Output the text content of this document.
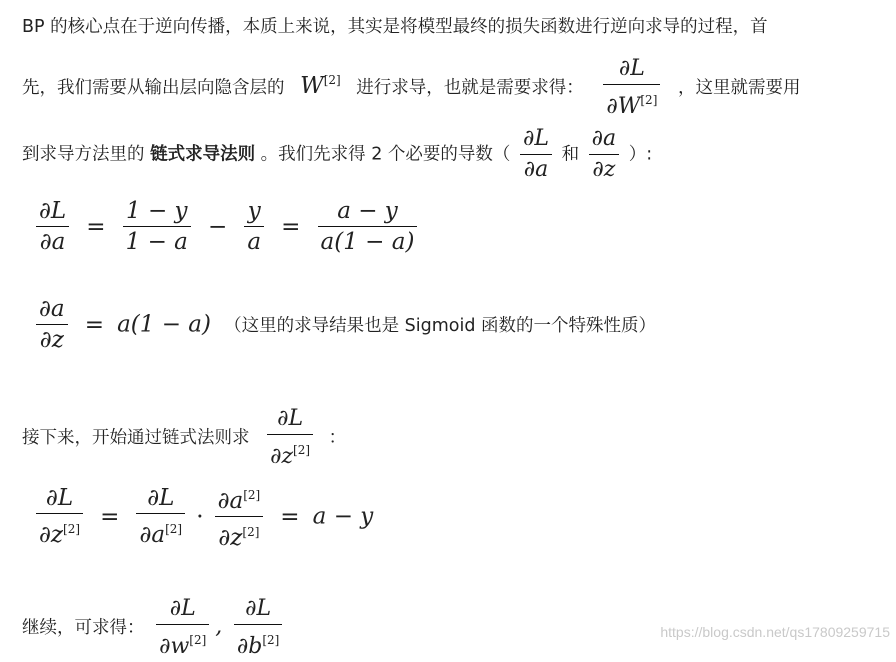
BP 的核心点在于逆向传播，本质上来说，其实是将模型最终的损失函数进行逆向求导的过程，首
先，我们需要从输出层向隐含层的 W[2] 进行求导，也就是需要求得： $\frac{\partial L}{\partial W^{[2]}}$ ，这里就需要用
到求导方法里的 链式求导法则 。我们先求得 2 个必要的导数（ $\frac{\partial L}{\partial a}$ 和 $\frac{\partial a}{\partial z}$ ）:
$\frac{\partial L}{\partial a} = \frac{1 - y}{1 - a} - \frac{y}{a} = \frac{a - y}{a(1 - a)}$
$\frac{\partial a}{\partial z} = a(1 - a)$ （这里的求导结果也是 Sigmoid 函数的一个特殊性质）
接下来，开始通过链式法则求 $\frac{\partial L}{\partial z^{[2]}}$ ：
$\frac{\partial L}{\partial z^{[2]}} = \frac{\partial L}{\partial a^{[2]}} \cdot \frac{\partial a^{[2]}}{\partial z^{[2]}} = a - y$
继续，可求得： $\frac{\partial L}{\partial w^{[2]}}$ , $\frac{\partial L}{\partial b^{[2]}}$	https://blog.csdn.net/qs17809259715
